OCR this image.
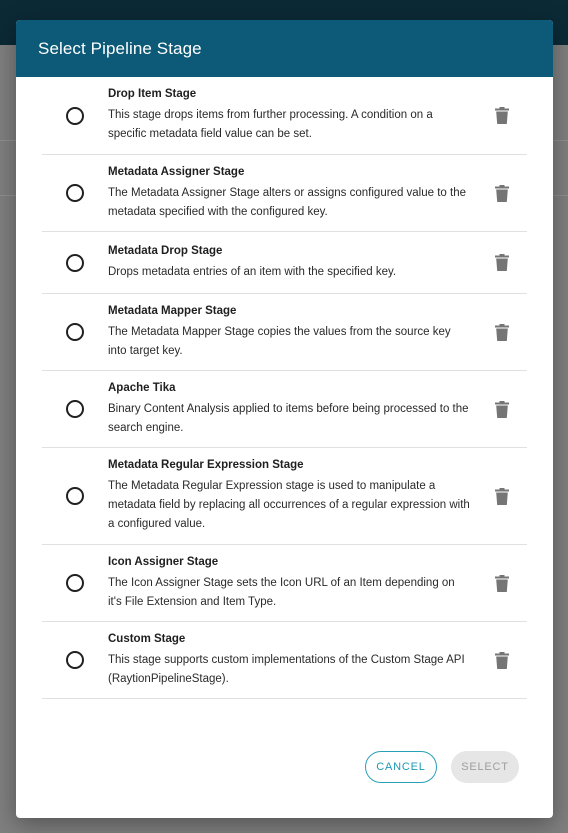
Select Pipeline Stage
Drop Item Stage
This stage drops items from further processing. A condition on a specific metadata field value can be set.
Metadata Assigner Stage
The Metadata Assigner Stage alters or assigns configured value to the metadata specified with the configured key.
Metadata Drop Stage
Drops metadata entries of an item with the specified key.
Metadata Mapper Stage
The Metadata Mapper Stage copies the values from the source key into target key.
Apache Tika
Binary Content Analysis applied to items before being processed to the search engine.
Metadata Regular Expression Stage
The Metadata Regular Expression stage is used to manipulate a metadata field by replacing all occurrences of a regular expression with a configured value.
Icon Assigner Stage
The Icon Assigner Stage sets the Icon URL of an Item depending on it's File Extension and Item Type.
Custom Stage
This stage supports custom implementations of the Custom Stage API (RaytionPipelineStage).
CANCEL	SELECT
